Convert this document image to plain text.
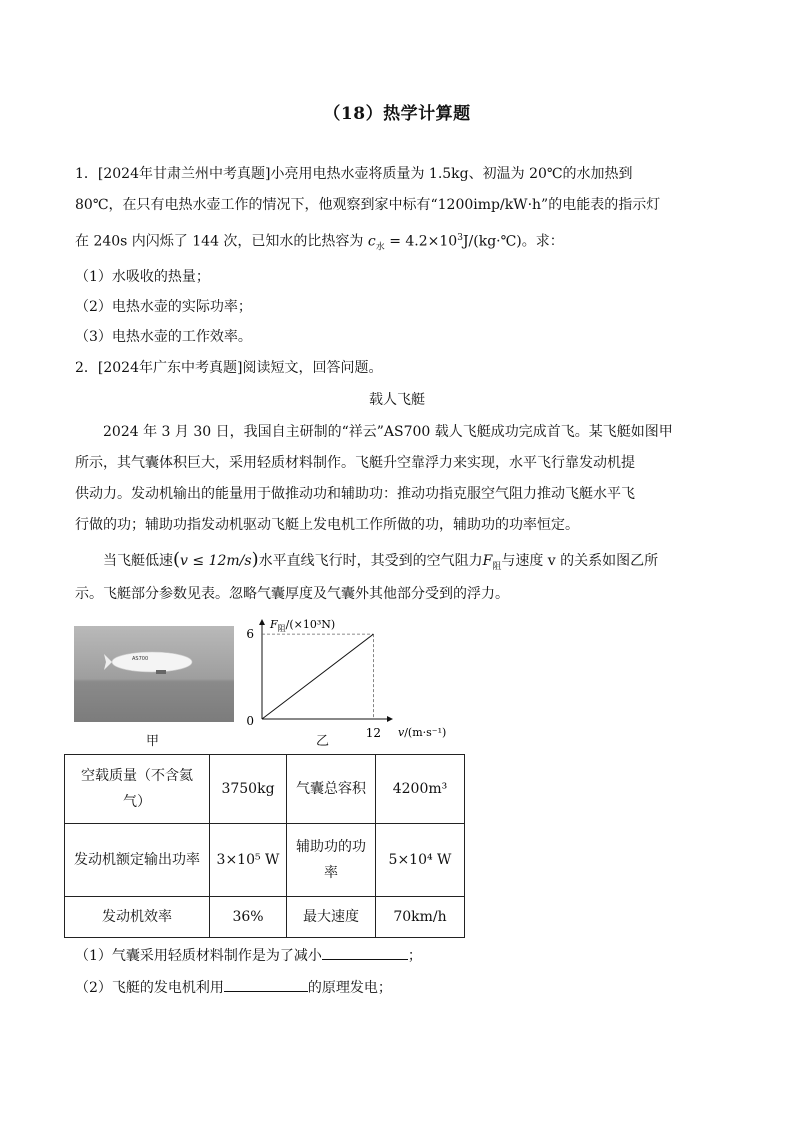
（18）热学计算题
1．[2024年甘肃兰州中考真题]小亮用电热水壶将质量为 1.5kg、初温为 20℃的水加热到
80℃，在只有电热水壶工作的情况下，他观察到家中标有“1200imp/kW·h”的电能表的指示灯
在 240s 内闪烁了 144 次，已知水的比热容为 $c_水$ = $4.2\times 10^3J/(kg\cdot℃)$。求：
（1）水吸收的热量；
（2）电热水壶的实际功率；
（3）电热水壶的工作效率。
2．[2024年广东中考真题]阅读短文，回答问题。
载人飞艇
2024 年 3 月 30 日，我国自主研制的“祥云”AS700 载人飞艇成功完成首飞。某飞艇如图甲
所示，其气囊体积巨大，采用轻质材料制作。飞艇升空靠浮力来实现，水平飞行靠发动机提
供动力。发动机输出的能量用于做推动功和辅助功：推动功指克服空气阻力推动飞艇水平飞
行做的功；辅助功指发动机驱动飞艇上发电机工作所做的功，辅助功的功率恒定。
当飞艇低速(v ≤ 12m/s)水平直线飞行时，其受到的空气阻力$F_阻$与速度 v 的关系如图乙所
示。飞艇部分参数见表。忽略气囊厚度及气囊外其他部分受到的浮力。
AS700
甲
6
12
0
$F_阻/(\times 10^3N)$
v/(m·s⁻¹)
乙
空载质量（不含氦气）	3750kg	气囊总容积	4200m³

发动机额定输出功率	3×10⁵ W	辅助功的功率	5×10⁴ W
发动机效率	36%	最大速度	70km/h
（1）气囊采用轻质材料制作是为了减小	；
（2）飞艇的发电机利用	的原理发电；
